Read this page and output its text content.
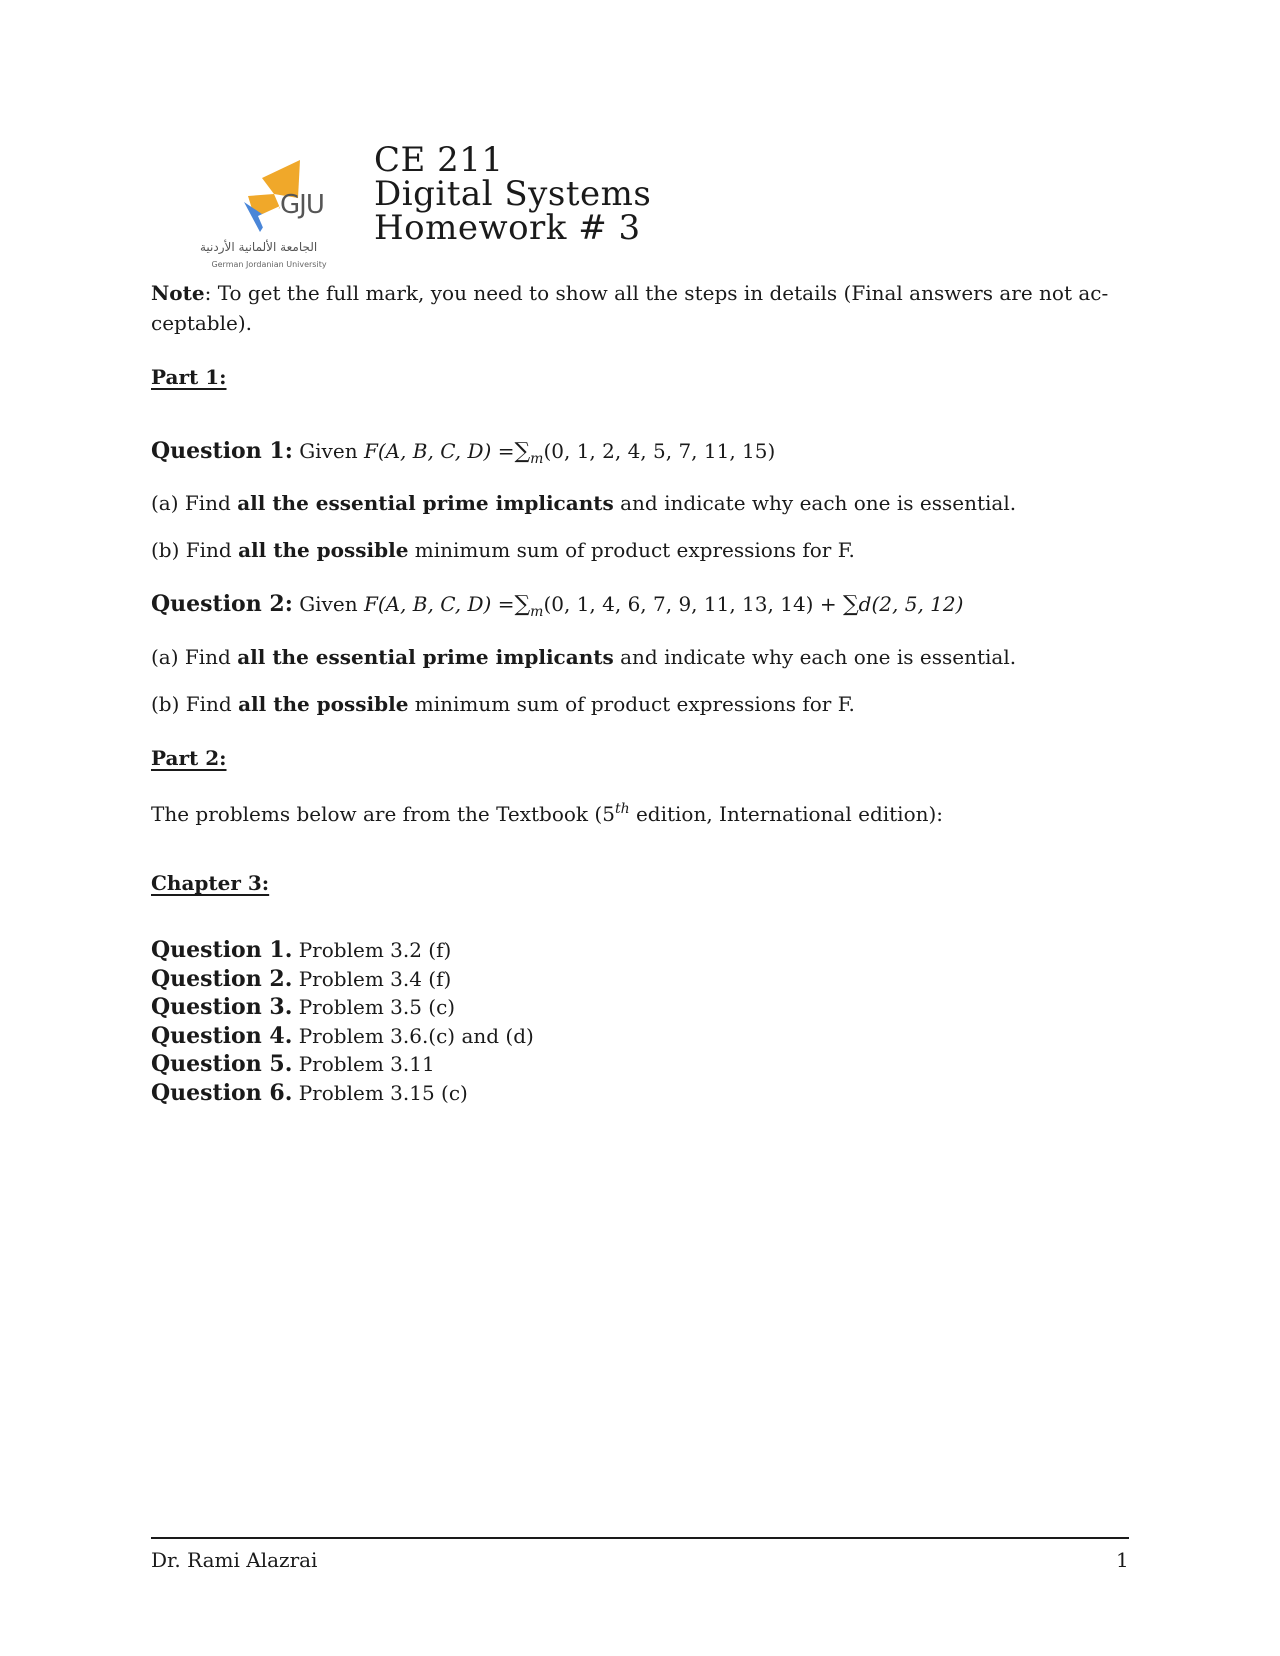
GJU
الجامعة الألمانية الأردنية
German Jordanian University
CE 211
Digital Systems
Homework # 3
Note: To get the full mark, you need to show all the steps in details (Final answers are not ac-
ceptable).
Part 1:
Question 1: Given F(A, B, C, $D) =\sum_m(0$, 1, 2, 4, 5, 7, 11, 15)
(a) Find all the essential prime implicants and indicate why each one is essential.
(b) Find all the possible minimum sum of product expressions for F.
Question 2: Given F(A, B, C, $D) =\sum_m(0$, 1, 4, 6, 7, 9, 11, 13, 14) + ∑d(2, 5, 12)
(a) Find all the essential prime implicants and indicate why each one is essential.
(b) Find all the possible minimum sum of product expressions for F.
Part 2:
The problems below are from the Textbook (5th edition, International edition):
Chapter 3:
Question 1. Problem 3.2 (f)
Question 2. Problem 3.4 (f)
Question 3. Problem 3.5 (c)
Question 4. Problem 3.6.(c) and (d)
Question 5. Problem 3.11
Question 6. Problem 3.15 (c)
Dr. Rami Alazrai	1
